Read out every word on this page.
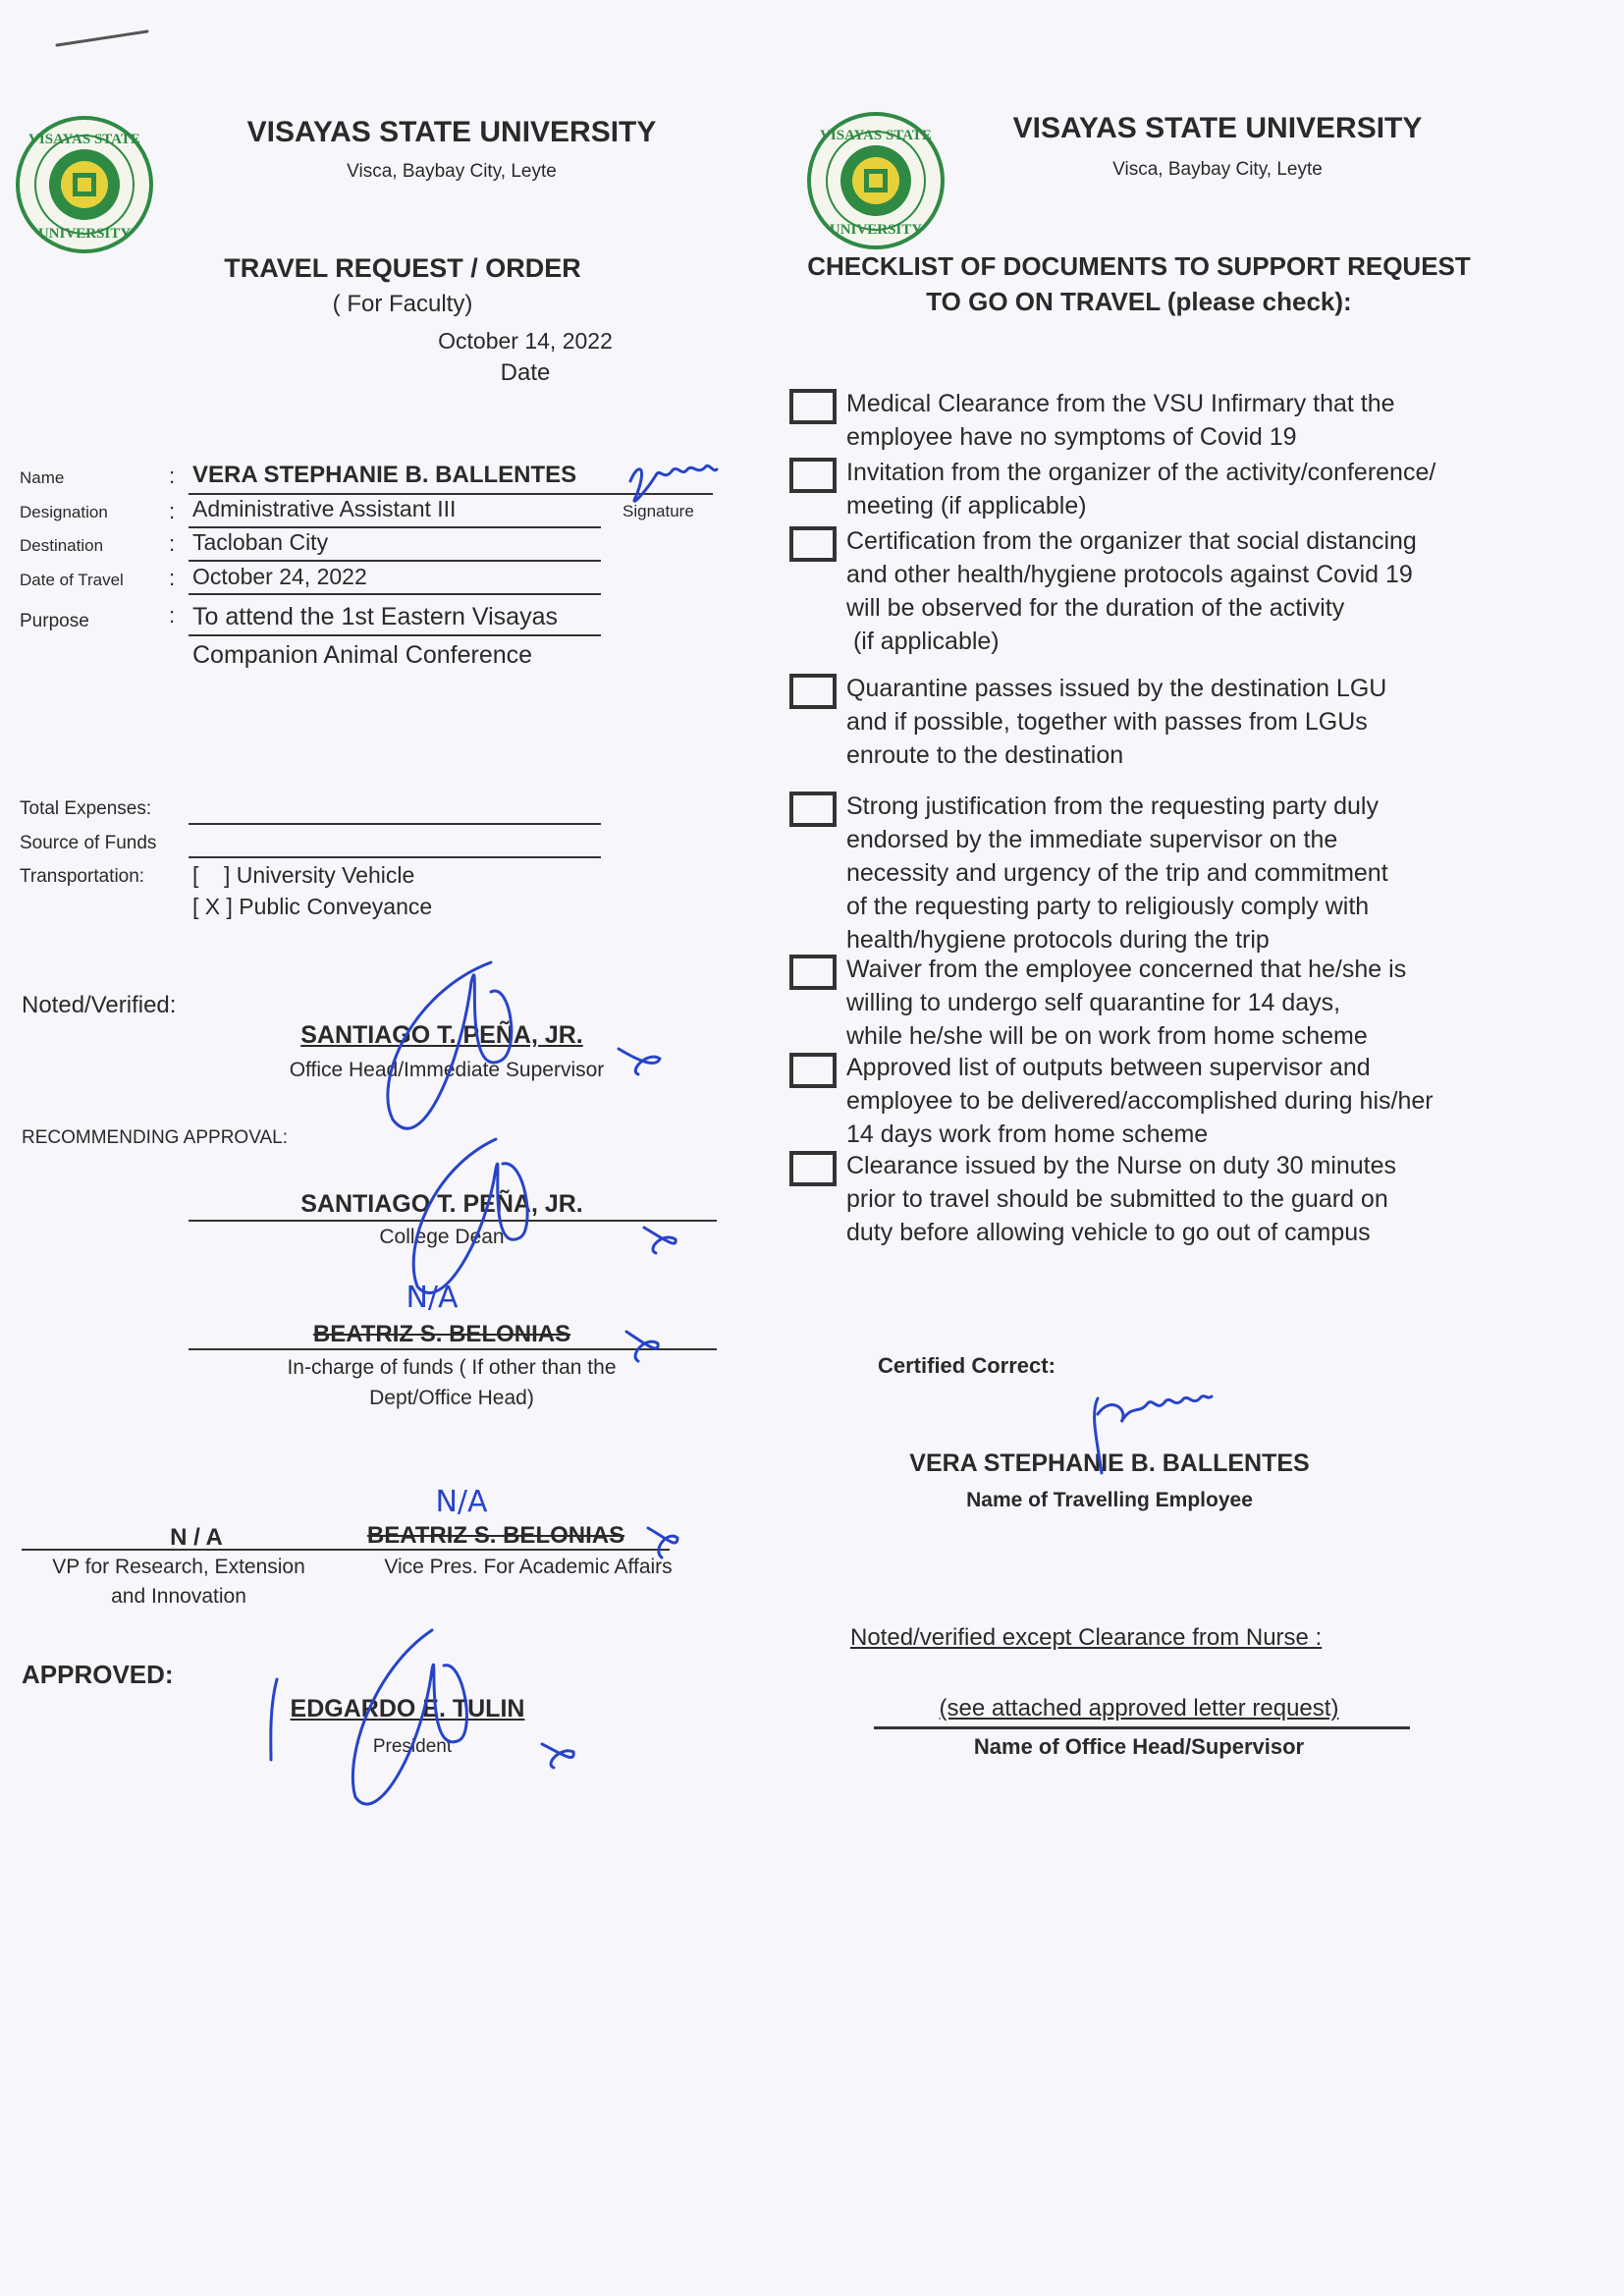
VISAYAS STATE
UNIVERSITY
VISAYAS STATE UNIVERSITY
Visca, Baybay City, Leyte
TRAVEL REQUEST / ORDER
( For Faculty)
October 14, 2022
Date
Name	: VERA STEPHANIE B. BALLENTES
Designation	: Administrative Assistant III	Signature
Destination	: Tacloban City
Date of Travel : October 24, 2022
Purpose	: To attend the 1st Eastern Visayas
Companion Animal Conference
Total Expenses:
Source of Funds
Transportation: [    ] University Vehicle
[ X ] Public Conveyance
Noted/Verified:
SANTIAGO T. PEÑA, JR.
Office Head/Immediate Supervisor
RECOMMENDING APPROVAL:
SANTIAGO T. PEÑA, JR.
College Dean
N/A
BEATRIZ S. BELONIAS
In-charge of funds ( If other than the
Dept/Office Head)
N / A
N/A
BEATRIZ S. BELONIAS
VP for Research, Extension
and Innovation
Vice Pres. For Academic Affairs
APPROVED:
EDGARDO E. TULIN
President
VISAYAS STATE
UNIVERSITY
VISAYAS STATE UNIVERSITY
Visca, Baybay City, Leyte
CHECKLIST OF DOCUMENTS TO SUPPORT REQUEST
TO GO ON TRAVEL (please check):
Medical Clearance from the VSU Infirmary that the
employee have no symptoms of Covid 19
Invitation from the organizer of the activity/conference/
meeting (if applicable)
Certification from the organizer that social distancing
and other health/hygiene protocols against Covid 19
will be observed for the duration of the activity
(if applicable)
Quarantine passes issued by the destination LGU
and if possible, together with passes from LGUs
enroute to the destination
Strong justification from the requesting party duly
endorsed by the immediate supervisor on the
necessity and urgency of the trip and commitment
of the requesting party to religiously comply with
health/hygiene protocols during the trip
Waiver from the employee concerned that he/she is
willing to undergo self quarantine for 14 days,
while he/she will be on work from home scheme
Approved list of outputs between supervisor and
employee to be delivered/accomplished during his/her
14 days work from home scheme
Clearance issued by the Nurse on duty 30 minutes
prior to travel should be submitted to the guard on
duty before allowing vehicle to go out of campus
Certified Correct:
VERA STEPHANIE B. BALLENTES
Name of Travelling Employee
Noted/verified except Clearance from Nurse :
(see attached approved letter request)
Name of Office Head/Supervisor
